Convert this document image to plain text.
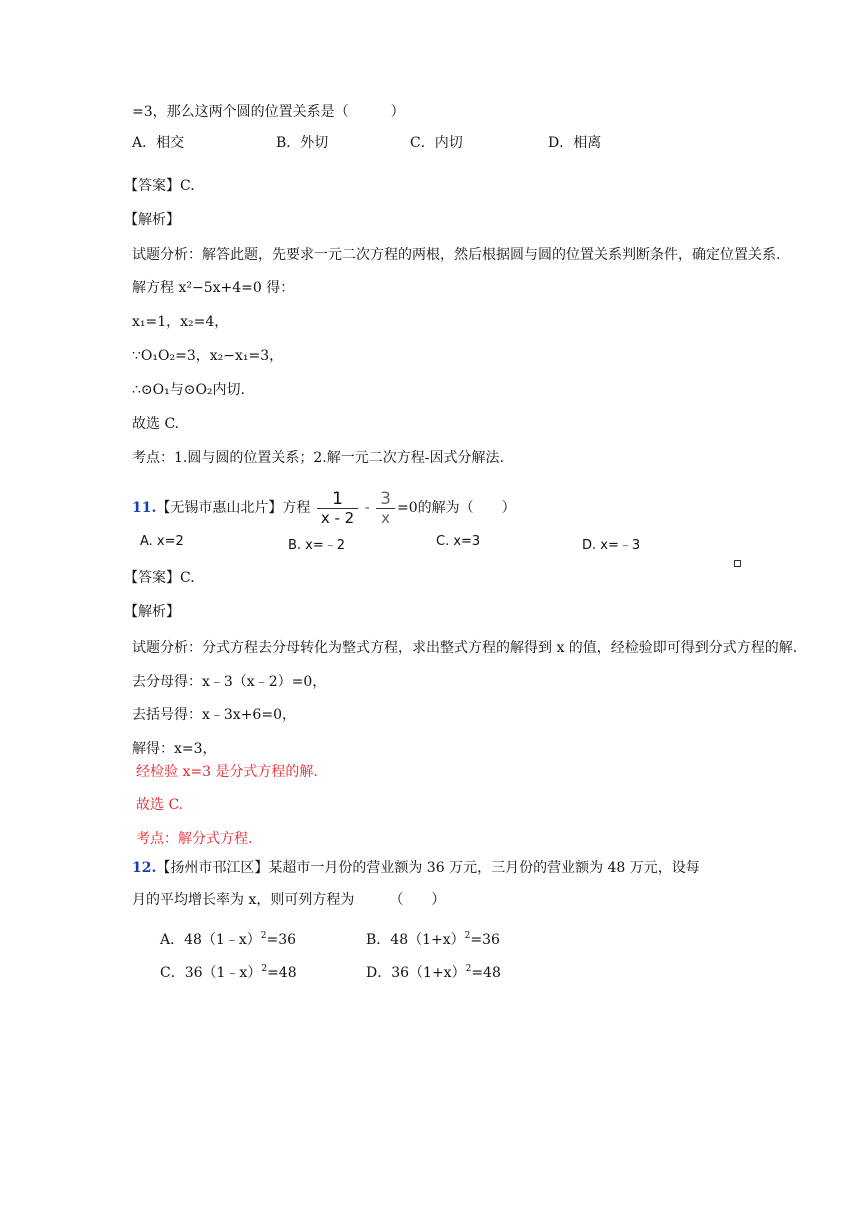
=3，那么这两个圆的位置关系是（　　　）
A．相交	B．外切	C．内切	D．相离
【答案】C.
【解析】
试题分析：解答此题，先要求一元二次方程的两根，然后根据圆与圆的位置关系判断条件，确定位置关系.
解方程 x²−5x+4=0 得：
x₁=1，x₂=4，
∵O₁O₂=3，x₂−x₁=3，
∴⊙O₁与⊙O₂内切.
故选 C.
考点：1.圆与圆的位置关系；2.解一元二次方程-因式分解法.
11.【无锡市惠山北片】方程 $\frac{1}{x - 2} - \frac{3}{x} =0$的解为（　　）
A. x=2	B. x=﹣2	C. x=3	D. x=﹣3
【答案】C.
【解析】
试题分析：分式方程去分母转化为整式方程，求出整式方程的解得到 x 的值，经检验即可得到分式方程的解.
去分母得：x﹣3（x﹣2）=0，
去括号得：x﹣3x+6=0，
解得：x=3，
经检验 x=3 是分式方程的解.
故选 C.
考点：解分式方程.
12.【扬州市邗江区】某超市一月份的营业额为 36 万元，三月份的营业额为 48 万元，设每
月的平均增长率为 x，则可列方程为　　　（　　）
A．48（1﹣x）$^2$=36	B．$48(1+x)^2=36$
C．36（1﹣x）$^2$=48	D．$36(1+x)^2=48$
